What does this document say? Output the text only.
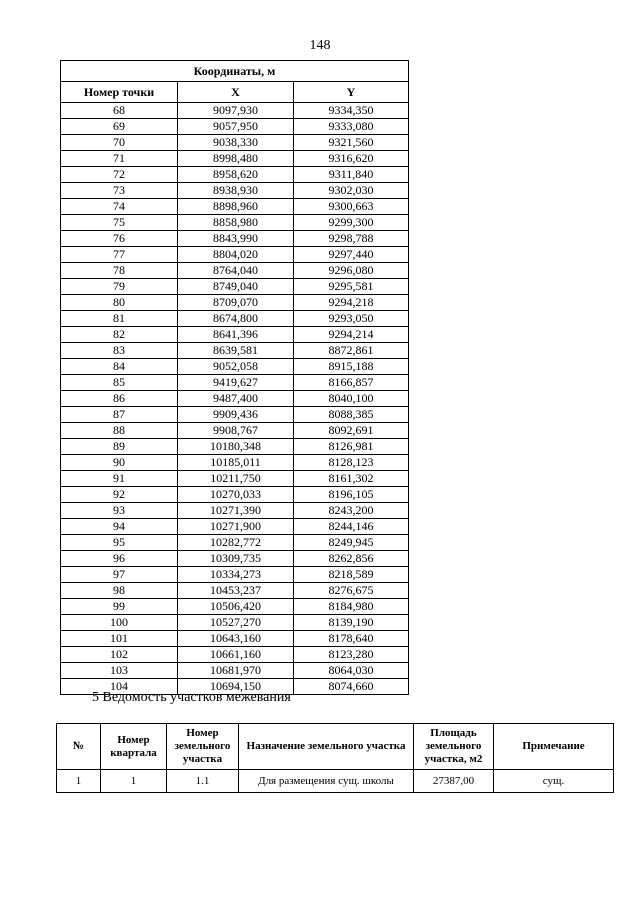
148
Координаты, м		
Номер точки	X	Y
68	9097,930	9334,350
69	9057,950	9333,080
70	9038,330	9321,560
71	8998,480	9316,620
72	8958,620	9311,840
73	8938,930	9302,030
74	8898,960	9300,663
75	8858,980	9299,300
76	8843,990	9298,788
77	8804,020	9297,440
78	8764,040	9296,080
79	8749,040	9295,581
80	8709,070	9294,218
81	8674,800	9293,050
82	8641,396	9294,214
83	8639,581	8872,861
84	9052,058	8915,188
85	9419,627	8166,857
86	9487,400	8040,100
87	9909,436	8088,385
88	9908,767	8092,691
89	10180,348	8126,981
90	10185,011	8128,123
91	10211,750	8161,302
92	10270,033	8196,105
93	10271,390	8243,200
94	10271,900	8244,146
95	10282,772	8249,945
96	10309,735	8262,856
97	10334,273	8218,589
98	10453,237	8276,675
99	10506,420	8184,980
100	10527,270	8139,190
101	10643,160	8178,640
102	10661,160	8123,280
103	10681,970	8064,030
104	10694,150	8074,660
5 Ведомость участков межевания
№	Номер квартала	Номер земельного участка	Назначение земельного участка	Площадь земельного участка, м2	Примечание
1	1	1.1	Для размещения сущ. школы	27387,00	сущ.
